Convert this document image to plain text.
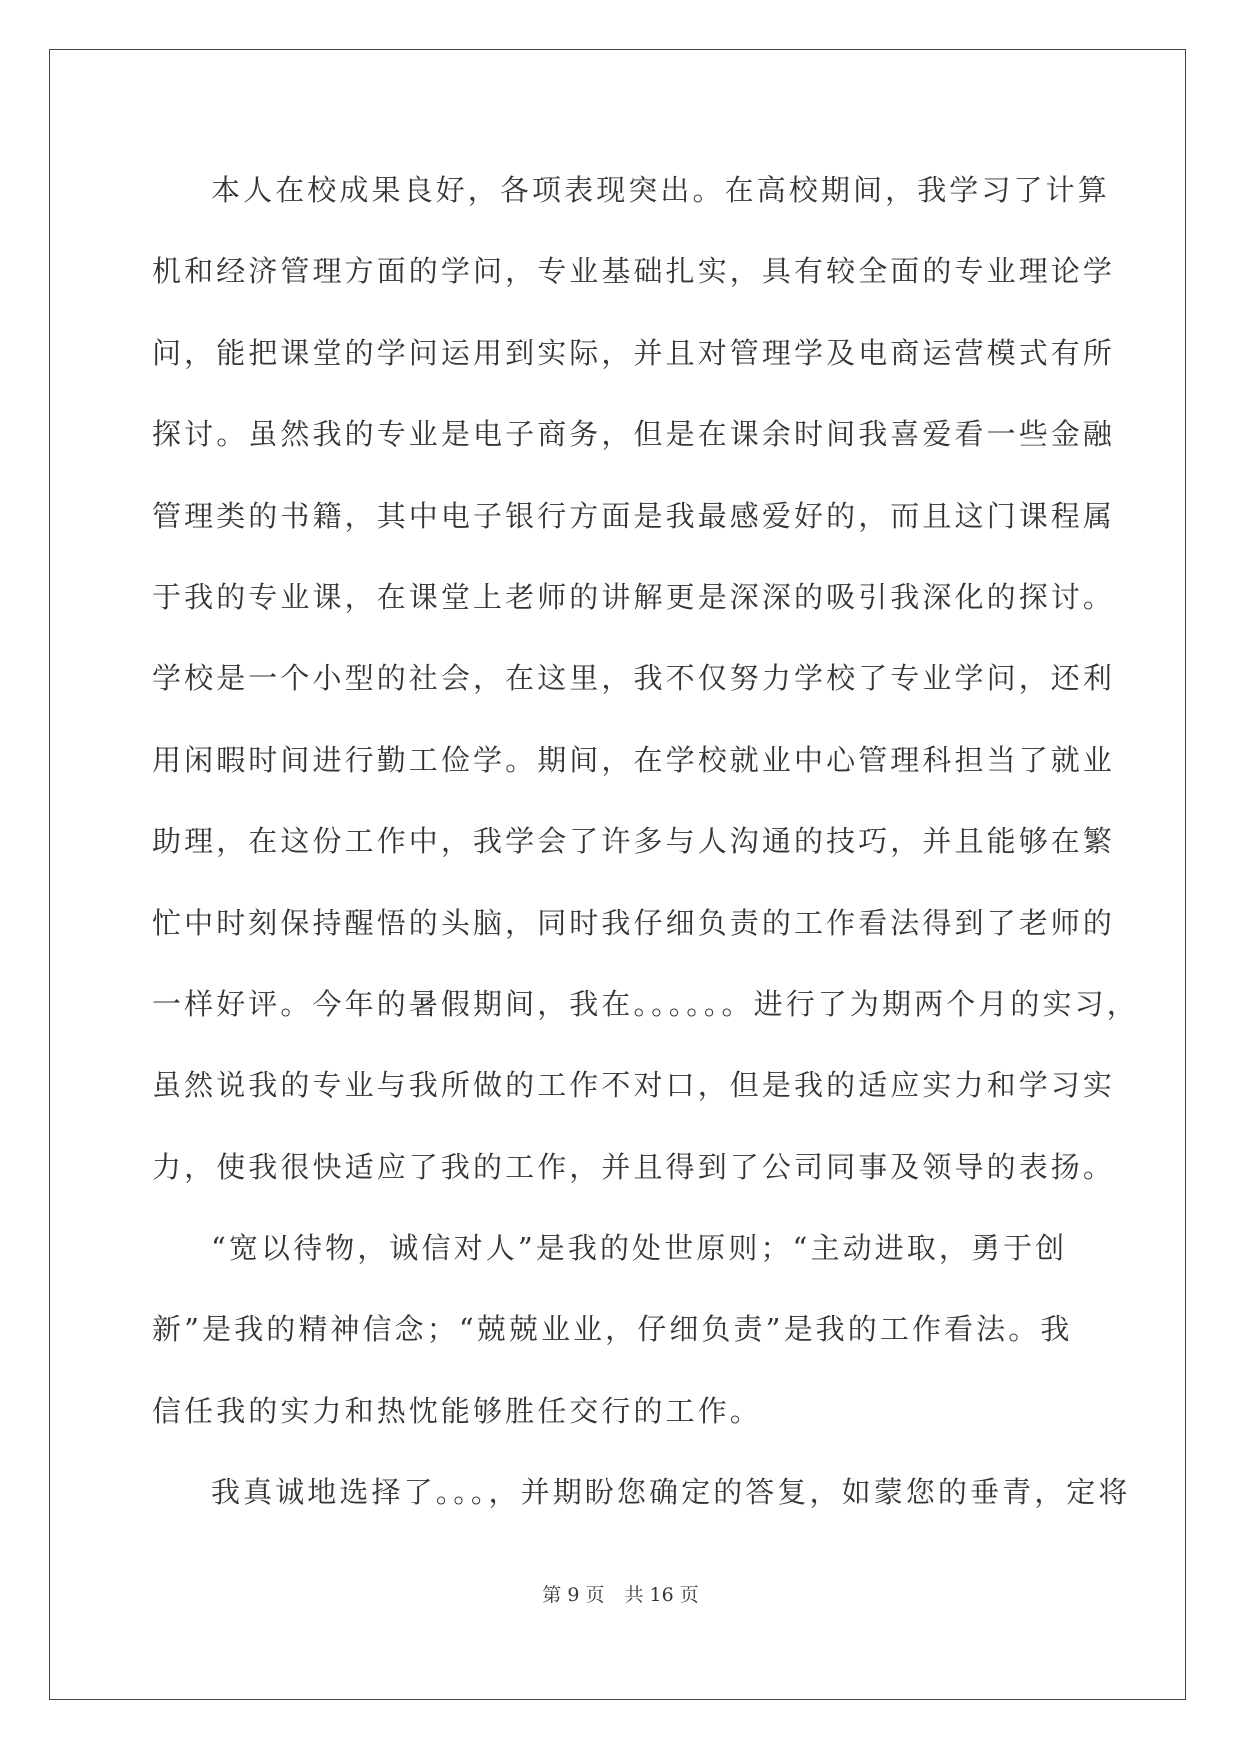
本人在校成果良好，各项表现突出。在高校期间，我学习了计算
机和经济管理方面的学问，专业基础扎实，具有较全面的专业理论学
问，能把课堂的学问运用到实际，并且对管理学及电商运营模式有所
探讨。虽然我的专业是电子商务，但是在课余时间我喜爱看一些金融
管理类的书籍，其中电子银行方面是我最感爱好的，而且这门课程属
于我的专业课，在课堂上老师的讲解更是深深的吸引我深化的探讨。
学校是一个小型的社会，在这里，我不仅努力学校了专业学问，还利
用闲暇时间进行勤工俭学。期间，在学校就业中心管理科担当了就业
助理，在这份工作中，我学会了许多与人沟通的技巧，并且能够在繁
忙中时刻保持醒悟的头脑，同时我仔细负责的工作看法得到了老师的
一样好评。今年的暑假期间，我在。。。。。。进行了为期两个月的实习，
虽然说我的专业与我所做的工作不对口，但是我的适应实力和学习实
力，使我很快适应了我的工作，并且得到了公司同事及领导的表扬。
“宽以待物，诚信对人”是我的处世原则；“主动进取，勇于创
新”是我的精神信念；“兢兢业业，仔细负责”是我的工作看法。我
信任我的实力和热忱能够胜任交行的工作。
我真诚地选择了。。。，并期盼您确定的答复，如蒙您的垂青，定将
第 9 页 共 16 页
